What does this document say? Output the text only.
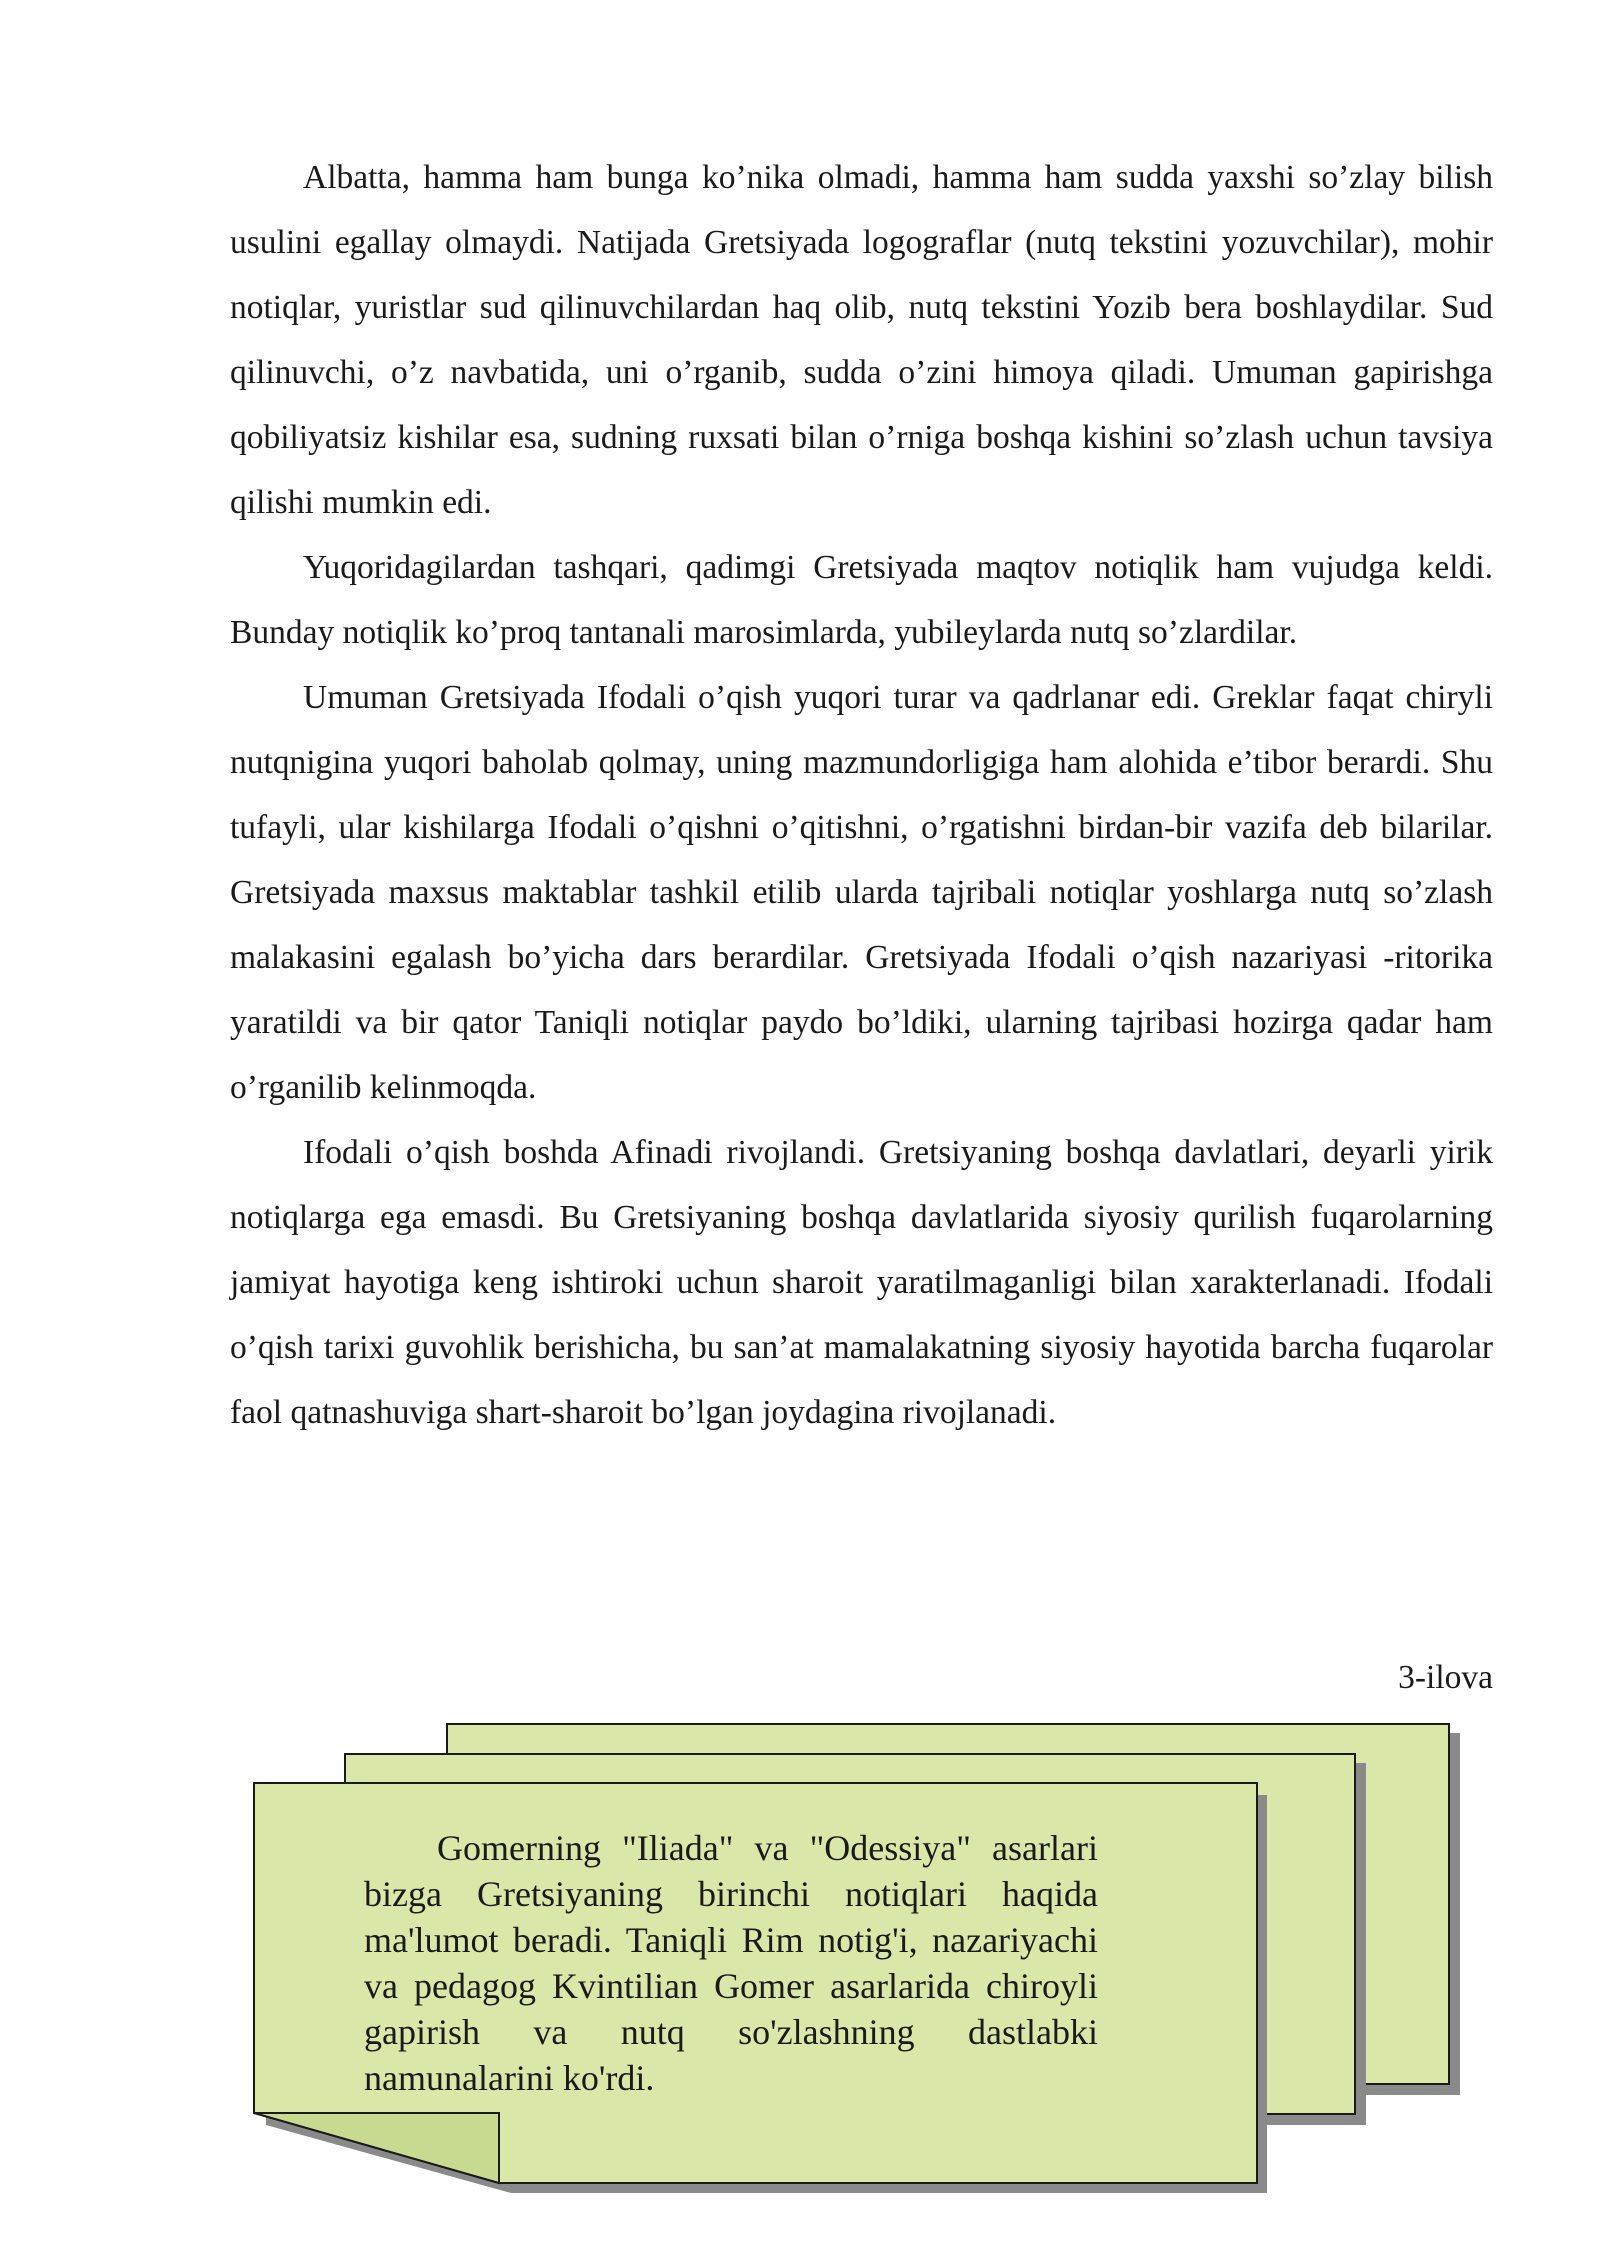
Albatta, hamma ham bunga ko’nika olmadi, hamma ham sudda yaxshi so’zlay bilish usulini egallay olmaydi. Natijada Gretsiyada logograflar (nutq tekstini yozuvchilar), mohir notiqlar, yuristlar sud qilinuvchilardan haq olib, nutq tekstini Yozib bera boshlaydilar. Sud qilinuvchi, o’z navbatida, uni o’rganib, sudda o’zini himoya qiladi. Umuman gapirishga qobiliyatsiz kishilar esa, sudning ruxsati bilan o’rniga boshqa kishini so’zlash uchun tavsiya qilishi mumkin edi.

Yuqoridagilardan tashqari, qadimgi Gretsiyada maqtov notiqlik ham vujudga keldi. Bunday notiqlik ko’proq tantanali marosimlarda, yubileylarda nutq so’zlardilar.

Umuman Gretsiyada Ifodali o’qish yuqori turar va qadrlanar edi. Greklar faqat chiryli nutqnigina yuqori baholab qolmay, uning mazmundorligiga ham alohida e’tibor berardi. Shu tufayli, ular kishilarga Ifodali o’qishni o’qitishni, o’rgatishni birdan-bir vazifa deb bilarilar. Gretsiyada maxsus maktablar tashkil etilib ularda tajribali notiqlar yoshlarga nutq so’zlash malakasini egalash bo’yicha dars berardilar. Gretsiyada Ifodali o’qish nazariyasi -ritorika yaratildi va bir qator Taniqli notiqlar paydo bo’ldiki, ularning tajribasi hozirga qadar ham o’rganilib kelinmoqda.

Ifodali o’qish boshda Afinadi rivojlandi. Gretsiyaning boshqa davlatlari, deyarli yirik notiqlarga ega emasdi. Bu Gretsiyaning boshqa davlatlarida siyosiy qurilish fuqarolarning jamiyat hayotiga keng ishtiroki uchun sharoit yaratilmaganligi bilan xarakterlanadi. Ifodali o’qish tarixi guvohlik berishicha, bu san’at mamalakatning siyosiy hayotida barcha fuqarolar faol qatnashuviga shart-sharoit bo’lgan joydagina rivojlanadi.

3-ilova

Gomerning "Iliada" va "Odessiya" asarlari bizga Gretsiyaning birinchi notiqlari haqida ma'lumot beradi. Taniqli Rim notig'i, nazariyachi va pedagog Kvintilian Gomer asarlarida chiroyli gapirish va nutq so'zlashning dastlabki namunalarini ko'rdi.
